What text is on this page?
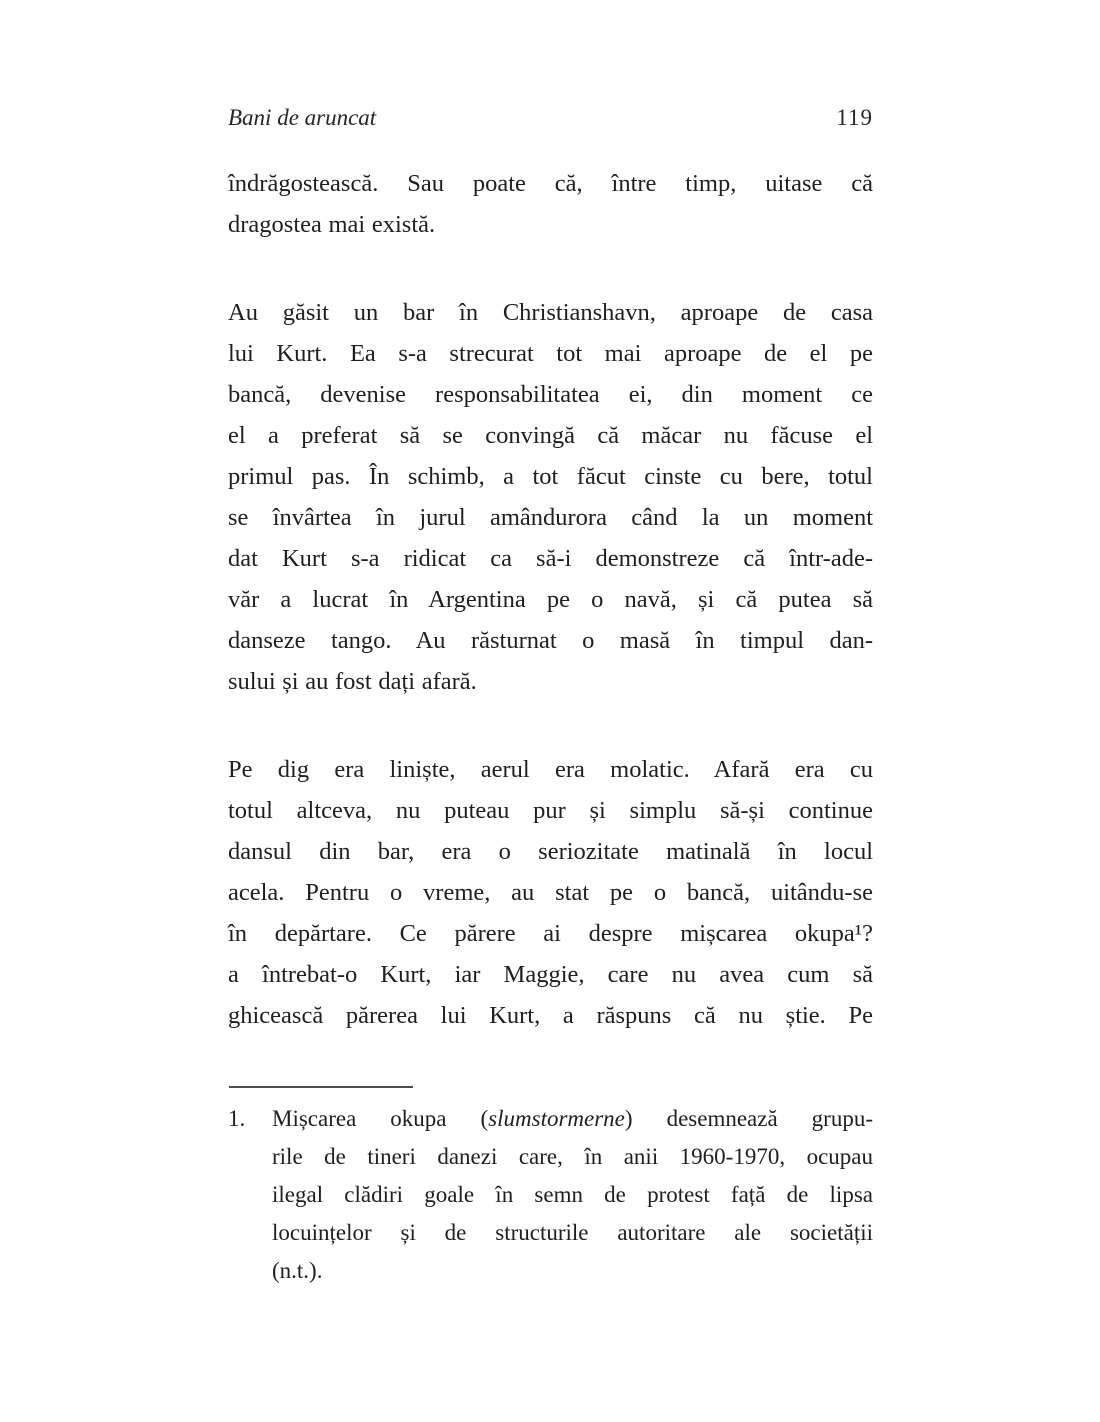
Bani de aruncat	119
îndrăgostească. Sau poate că, între timp, uitase că
dragostea mai există.
Au găsit un bar în Christianshavn, aproape de casa
lui Kurt. Ea s-a strecurat tot mai aproape de el pe
bancă, devenise responsabilitatea ei, din moment ce
el a preferat să se convingă că măcar nu făcuse el
primul pas. În schimb, a tot făcut cinste cu bere, totul
se învârtea în jurul amândurora când la un moment
dat Kurt s-a ridicat ca să-i demonstreze că într-ade-
văr a lucrat în Argentina pe o navă, și că putea să
danseze tango. Au răsturnat o masă în timpul dan-
sului și au fost dați afară.
Pe dig era liniște, aerul era molatic. Afară era cu
totul altceva, nu puteau pur și simplu să-și continue
dansul din bar, era o seriozitate matinală în locul
acela. Pentru o vreme, au stat pe o bancă, uitându-se
în depărtare. Ce părere ai despre mișcarea okupa¹?
a întrebat-o Kurt, iar Maggie, care nu avea cum să
ghicească părerea lui Kurt, a răspuns că nu știe. Pe
1. Mișcarea okupa (slumstormerne) desemnează grupu-
rile de tineri danezi care, în anii 1960-1970, ocupau
ilegal clădiri goale în semn de protest față de lipsa
locuințelor și de structurile autoritare ale societății
(n.t.).
